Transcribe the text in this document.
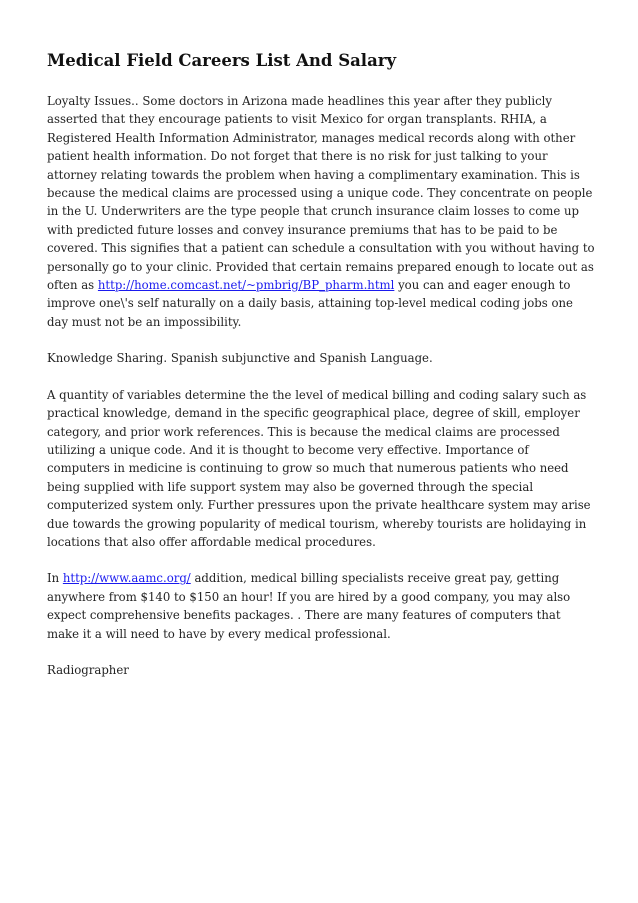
Medical Field Careers List And Salary

Loyalty Issues.. Some doctors in Arizona made headlines this year after they publicly asserted that they encourage patients to visit Mexico for organ transplants. RHIA, a Registered Health Information Administrator, manages medical records along with other patient health information. Do not forget that there is no risk for just talking to your attorney relating towards the problem when having a complimentary examination. This is because the medical claims are processed using a unique code. They concentrate on people in the U. Underwriters are the type people that crunch insurance claim losses to come up with predicted future losses and convey insurance premiums that has to be paid to be covered. This signifies that a patient can schedule a consultation with you without having to personally go to your clinic. Provided that certain remains prepared enough to locate out as often as http://home.comcast.net/~pmbrig/BP_pharm.html you can and eager enough to improve one\'s self naturally on a daily basis, attaining top-level medical coding jobs one day must not be an impossibility.

Knowledge Sharing. Spanish subjunctive and Spanish Language.

A quantity of variables determine the the level of medical billing and coding salary such as practical knowledge, demand in the specific geographical place, degree of skill, employer category, and prior work references. This is because the medical claims are processed utilizing a unique code. And it is thought to become very effective. Importance of computers in medicine is continuing to grow so much that numerous patients who need being supplied with life support system may also be governed through the special computerized system only. Further pressures upon the private healthcare system may arise due towards the growing popularity of medical tourism, whereby tourists are holidaying in locations that also offer affordable medical procedures.

In http://www.aamc.org/ addition, medical billing specialists receive great pay, getting anywhere from $140 to $150 an hour! If you are hired by a good company, you may also expect comprehensive benefits packages. . There are many features of computers that make it a will need to have by every medical professional.

Radiographer
